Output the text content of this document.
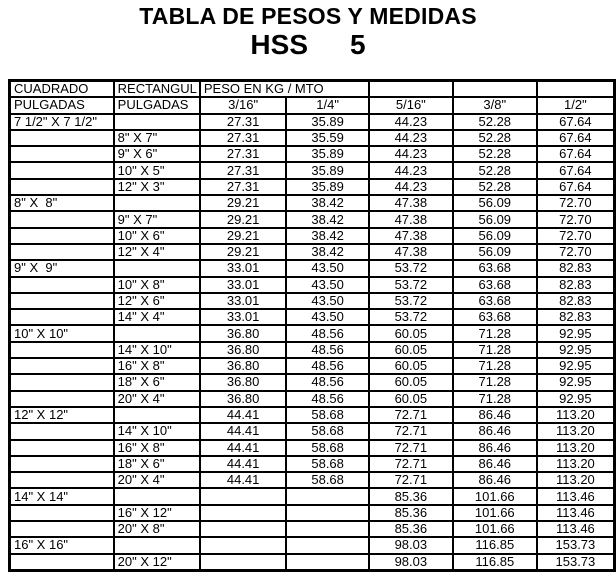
TABLA DE PESOS Y MEDIDAS
HSS 5
CUADRADO	RECTANGUL	PESO EN KG / MTO				
PULGADAS	PULGADAS	3/16"	1/4"	5/16"	3/8"	1/2"
7 1/2" X 7 1/2"		27.31	35.89	44.23	52.28	67.64
	8" X 7"	27.31	35.59	44.23	52.28	67.64
	9" X 6"	27.31	35.89	44.23	52.28	67.64
	10" X 5"	27.31	35.89	44.23	52.28	67.64
	12" X 3"	27.31	35.89	44.23	52.28	67.64
8" X  8"		29.21	38.42	47.38	56.09	72.70
	9" X 7"	29.21	38.42	47.38	56.09	72.70
	10" X 6"	29.21	38.42	47.38	56.09	72.70
	12" X 4"	29.21	38.42	47.38	56.09	72.70
9" X  9"		33.01	43.50	53.72	63.68	82.83
	10" X 8"	33.01	43.50	53.72	63.68	82.83
	12" X 6"	33.01	43.50	53.72	63.68	82.83
	14" X 4"	33.01	43.50	53.72	63.68	82.83
10" X 10"		36.80	48.56	60.05	71.28	92.95
	14" X 10"	36.80	48.56	60.05	71.28	92.95
	16" X 8"	36.80	48.56	60.05	71.28	92.95
	18" X 6"	36.80	48.56	60.05	71.28	92.95
	20" X 4"	36.80	48.56	60.05	71.28	92.95
12" X 12"		44.41	58.68	72.71	86.46	113.20
	14" X 10"	44.41	58.68	72.71	86.46	113.20
	16" X 8"	44.41	58.68	72.71	86.46	113.20
	18" X 6"	44.41	58.68	72.71	86.46	113.20
	20" X 4"	44.41	58.68	72.71	86.46	113.20
14" X 14"				85.36	101.66	113.46
	16" X 12"			85.36	101.66	113.46
	20" X 8"			85.36	101.66	113.46
16" X 16"				98.03	116.85	153.73
	20" X 12"			98.03	116.85	153.73
